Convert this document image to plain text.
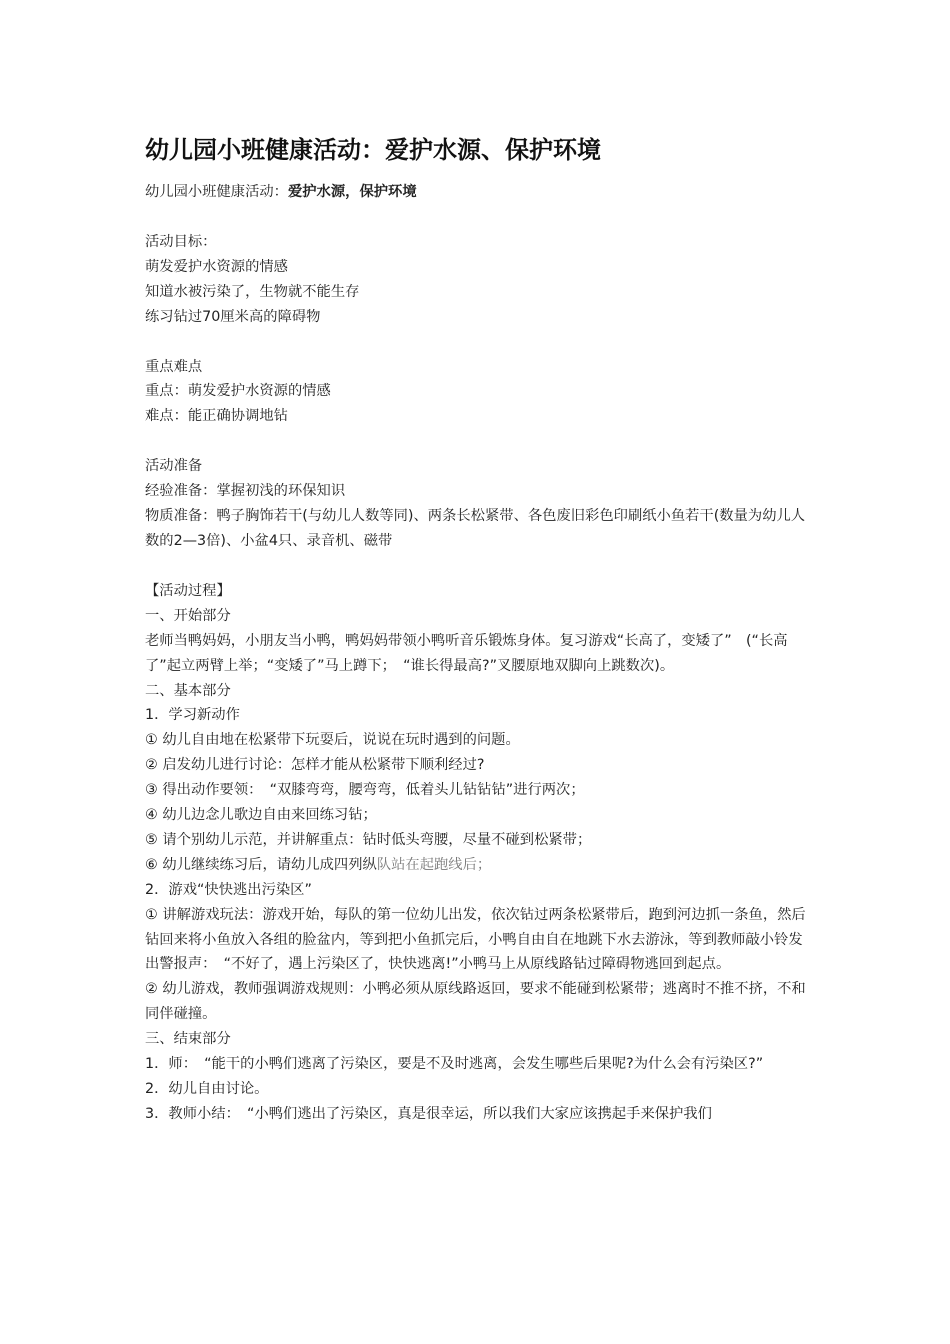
幼儿园小班健康活动：爱护水源、保护环境

幼儿园小班健康活动：爱护水源，保护环境

活动目标：

萌发爱护水资源的情感

知道水被污染了，生物就不能生存

练习钻过70厘米高的障碍物

重点难点

重点：萌发爱护水资源的情感

难点：能正确协调地钻

活动准备

经验准备：掌握初浅的环保知识

物质准备：鸭子胸饰若干(与幼儿人数等同)、两条长松紧带、各色废旧彩色印刷纸小鱼若干(数量为幼儿人数的2—3倍)、小盆4只、录音机、磁带

【活动过程】

一、开始部分

老师当鸭妈妈，小朋友当小鸭，鸭妈妈带领小鸭听音乐锻炼身体。复习游戏“长高了，变矮了”　(“长高了”起立两臂上举；“变矮了”马上蹲下；　“谁长得最高?”叉腰原地双脚向上跳数次)。

二、基本部分

1．学习新动作

① 幼儿自由地在松紧带下玩耍后，说说在玩时遇到的问题。

② 启发幼儿进行讨论：怎样才能从松紧带下顺利经过?

③ 得出动作要领：　“双膝弯弯，腰弯弯，低着头儿钻钻钻”进行两次；

④ 幼儿边念儿歌边自由来回练习钻；

⑤ 请个别幼儿示范，并讲解重点：钻时低头弯腰，尽量不碰到松紧带；

⑥ 幼儿继续练习后，请幼儿成四列纵队站在起跑线后；

2．游戏“快快逃出污染区”

① 讲解游戏玩法：游戏开始，每队的第一位幼儿出发，依次钻过两条松紧带后，跑到河边抓一条鱼，然后钻回来将小鱼放入各组的脸盆内，等到把小鱼抓完后，小鸭自由自在地跳下水去游泳，等到教师敲小铃发出警报声：　“不好了，遇上污染区了，快快逃离!”小鸭马上从原线路钻过障碍物逃回到起点。

② 幼儿游戏，教师强调游戏规则：小鸭必须从原线路返回，要求不能碰到松紧带；逃离时不推不挤，不和同伴碰撞。

三、结束部分

1．师：　“能干的小鸭们逃离了污染区，要是不及时逃离，会发生哪些后果呢?为什么会有污染区?”

2．幼儿自由讨论。

3．教师小结：　“小鸭们逃出了污染区，真是很幸运，所以我们大家应该携起手来保护我们
